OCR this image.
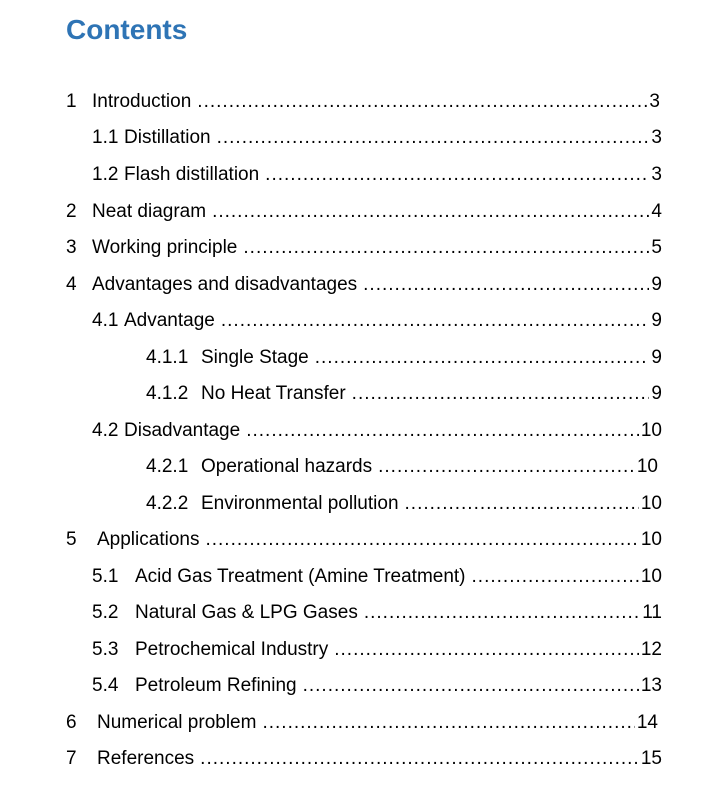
Contents
1 Introduction .....	3
1.1 Distillation .....	3
1.2 Flash distillation .....	3
2 Neat diagram .....	4
3 Working principle .....	5
4 Advantages and disadvantages .....	9
4.1 Advantage .....	9
4.1.1 Single Stage .....	9
4.1.2 No Heat Transfer .....	9
4.2 Disadvantage .....	10
4.2.1 Operational hazards .....	10
4.2.2 Environmental pollution .....	10
5	Applications .....	10
5.1 Acid Gas Treatment (Amine Treatment) .....	10
5.2 Natural Gas & LPG Gases .....	11
5.3 Petrochemical Industry .....	12
5.4 Petroleum Refining .....	13
6	Numerical problem .....	14
7	References .....	15
